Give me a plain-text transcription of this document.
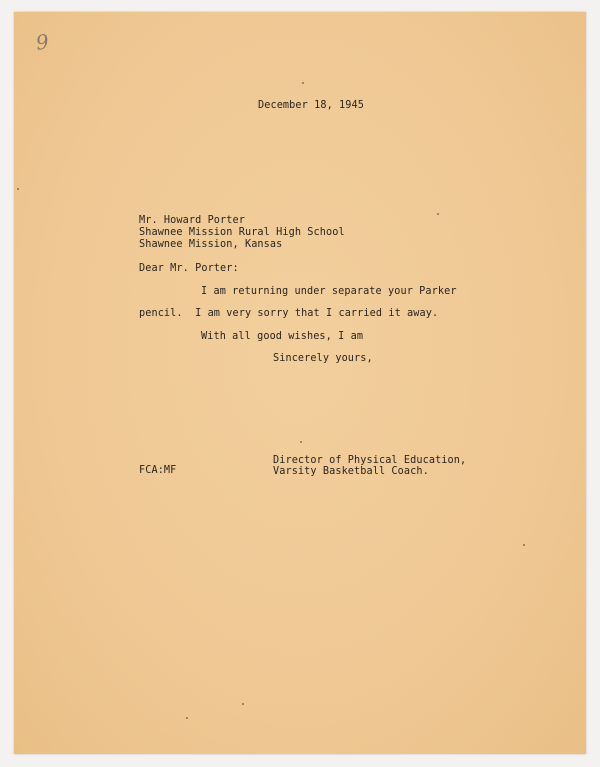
9
December 18, 1945
Mr. Howard Porter
Shawnee Mission Rural High School
Shawnee Mission, Kansas
Dear Mr. Porter:
I am returning under separate your Parker
pencil.  I am very sorry that I carried it away.
With all good wishes, I am
Sincerely yours,
Director of Physical Education,
Varsity Basketball Coach.
FCA:MF
